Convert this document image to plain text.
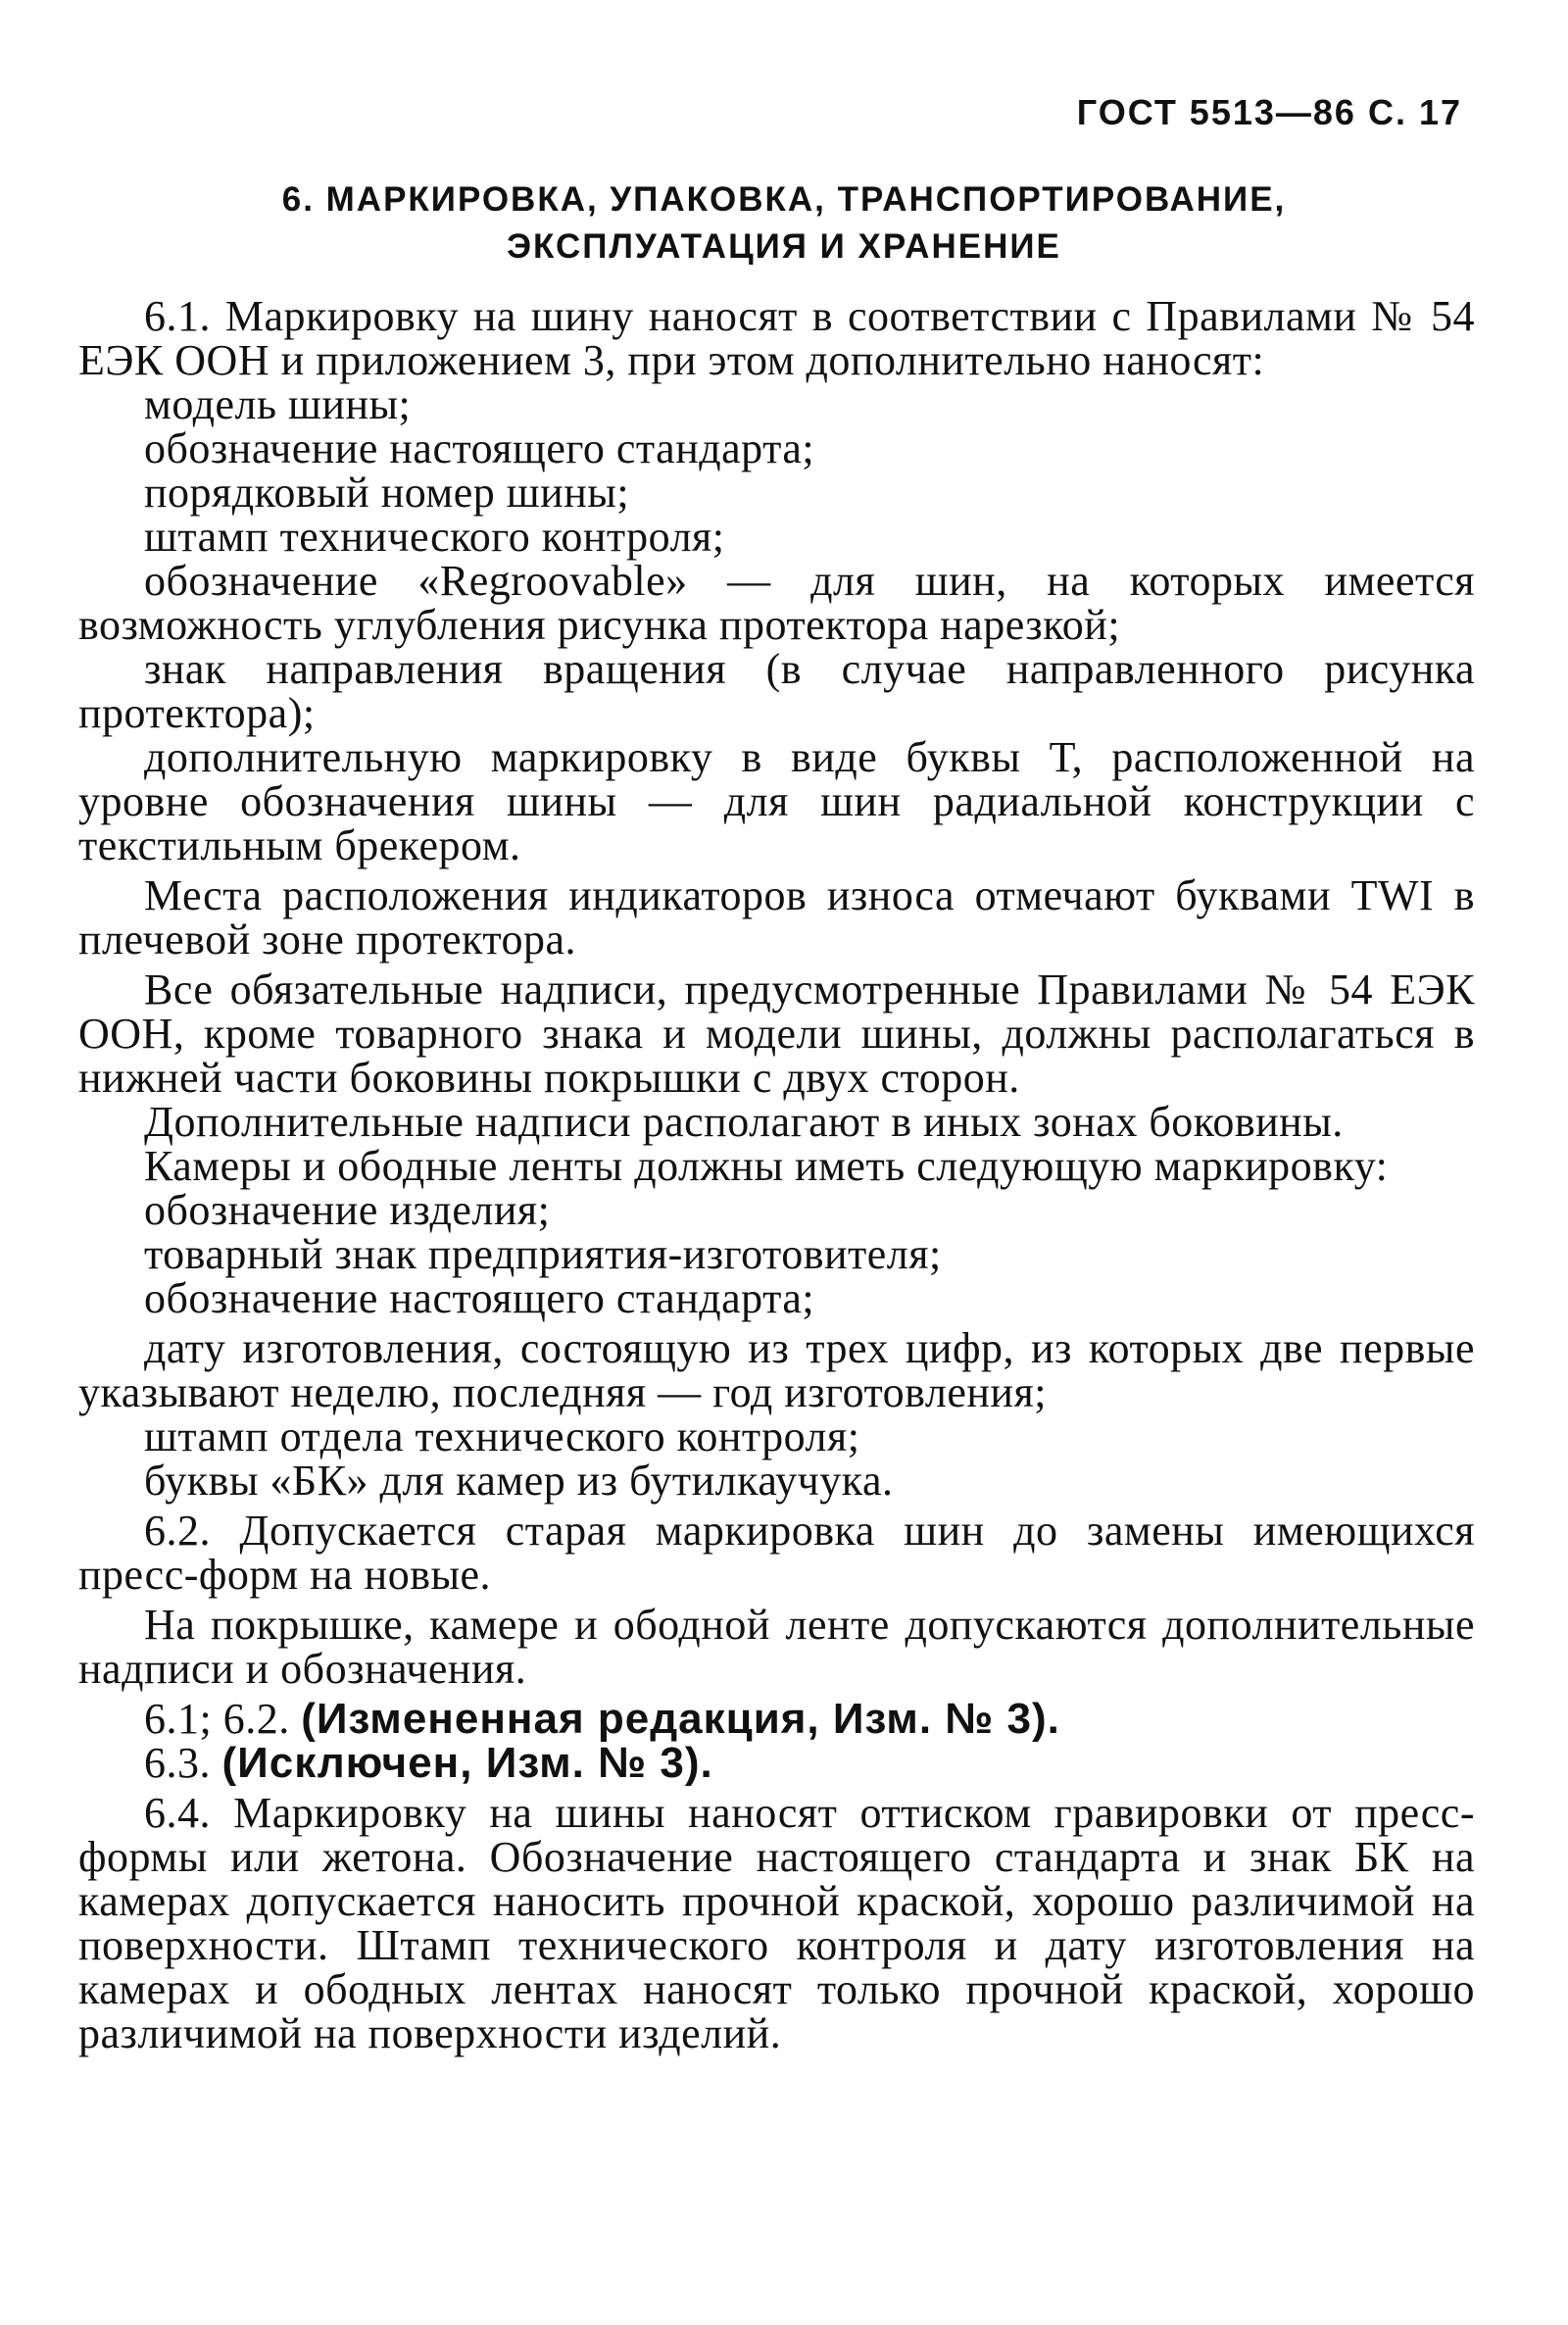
ГОСТ 5513—86 С. 17
6. МАРКИРОВКА, УПАКОВКА, ТРАНСПОРТИРОВАНИЕ,
ЭКСПЛУАТАЦИЯ И ХРАНЕНИЕ

6.1. Маркировку на шину наносят в соответствии с Правилами № 54 ЕЭК ООН и приложением 3, при этом дополнительно наносят:

модель шины;

обозначение настоящего стандарта;

порядковый номер шины;

штамп технического контроля;

обозначение «Regroovable» — для шин, на которых имеется возможность углубления рисунка протектора нарезкой;

знак направления вращения (в случае направленного рисунка протектора);

дополнительную маркировку в виде буквы Т, расположенной на уровне обозначения шины — для шин радиальной конструкции с текстильным брекером.

Места расположения индикаторов износа отмечают буквами TWI в плечевой зоне протектора.

Все обязательные надписи, предусмотренные Правилами № 54 ЕЭК ООН, кроме товарного знака и модели шины, должны располагаться в нижней части боковины покрышки с двух сторон.

Дополнительные надписи располагают в иных зонах боковины.

Камеры и ободные ленты должны иметь следующую маркировку:

обозначение изделия;

товарный знак предприятия-изготовителя;

обозначение настоящего стандарта;

дату изготовления, состоящую из трех цифр, из которых две первые указывают неделю, последняя — год изготовления;

штамп отдела технического контроля;

буквы «БК» для камер из бутилкаучука.

6.2. Допускается старая маркировка шин до замены имеющихся пресс-форм на новые.

На покрышке, камере и ободной ленте допускаются дополнительные надписи и обозначения.

6.1; 6.2. (Измененная редакция, Изм. № 3).

6.3. (Исключен, Изм. № 3).

6.4. Маркировку на шины наносят оттиском гравировки от пресс-формы или жетона. Обозначение настоящего стандарта и знак БК на камерах допускается наносить прочной краской, хорошо различимой на поверхности. Штамп технического контроля и дату изготовления на камерах и ободных лентах наносят только прочной краской, хорошо различимой на поверхности изделий.
